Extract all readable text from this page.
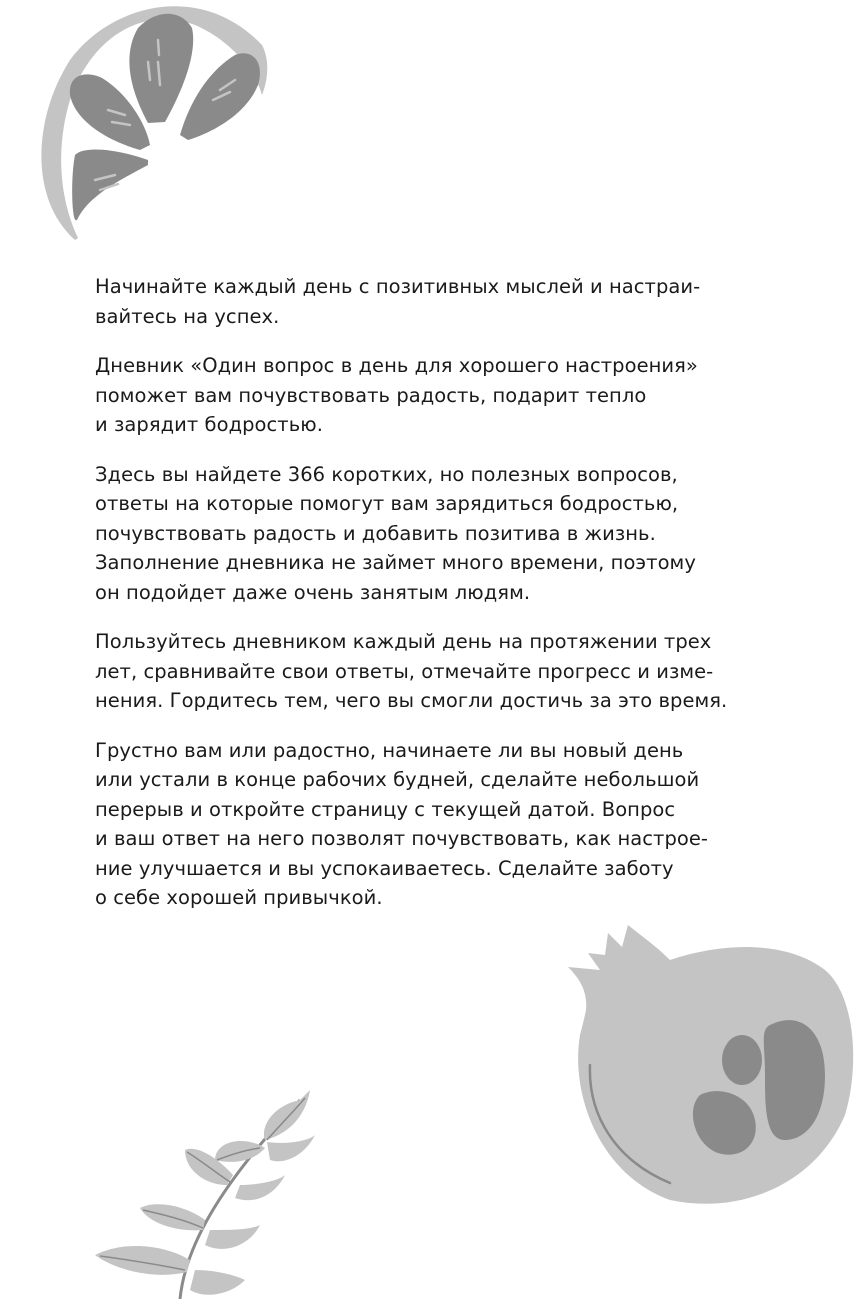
Начинайте каждый день с позитивных мыслей и настраи-
вайтесь на успех.

Дневник «Один вопрос в день для хорошего настроения»
поможет вам почувствовать радость, подарит тепло
и зарядит бодростью.

Здесь вы найдете 366 коротких, но полезных вопросов,
ответы на которые помогут вам зарядиться бодростью,
почувствовать радость и добавить позитива в жизнь.
Заполнение дневника не займет много времени, поэтому
он подойдет даже очень занятым людям.

Пользуйтесь дневником каждый день на протяжении трех
лет, сравнивайте свои ответы, отмечайте прогресс и изме-
нения. Гордитесь тем, чего вы смогли достичь за это время.

Грустно вам или радостно, начинаете ли вы новый день
или устали в конце рабочих будней, сделайте небольшой
перерыв и откройте страницу с текущей датой. Вопрос
и ваш ответ на него позволят почувствовать, как настрое-
ние улучшается и вы успокаиваетесь. Сделайте заботу
о себе хорошей привычкой.
